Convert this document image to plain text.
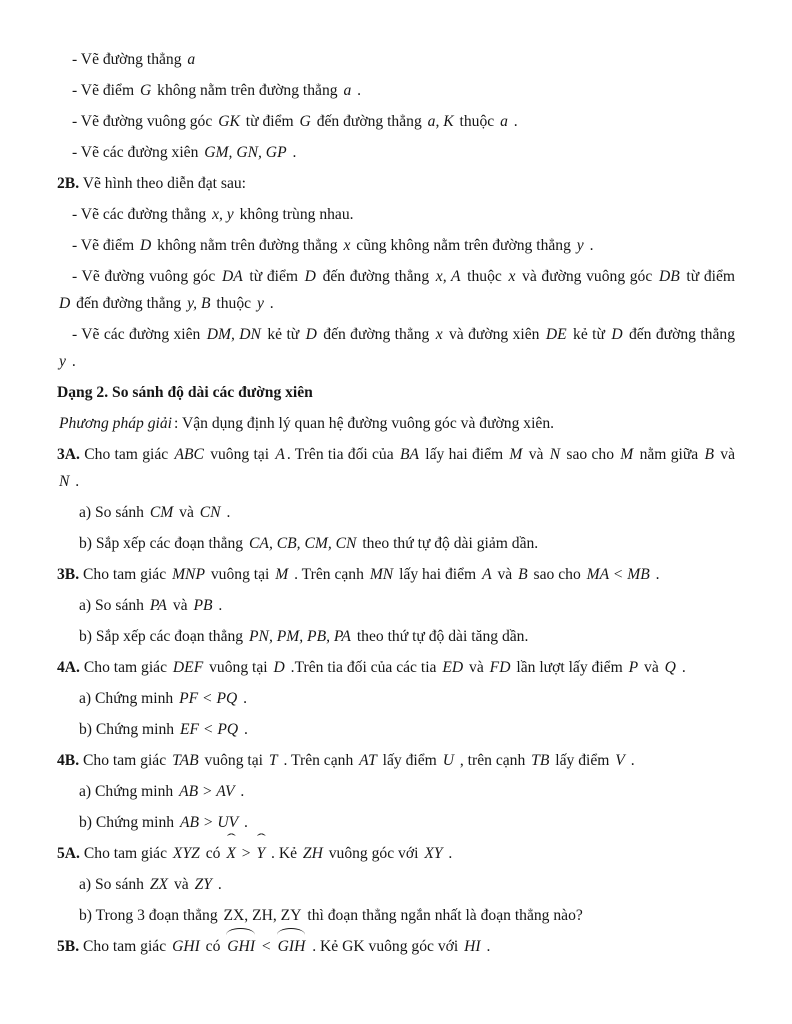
- Vẽ đường thẳng a

- Vẽ điểm G không nằm trên đường thẳng a .

- Vẽ đường vuông góc GK từ điểm G đến đường thẳng a, K thuộc a .

- Vẽ các đường xiên GM, GN, GP .

2B. Vẽ hình theo diễn đạt sau:

- Vẽ các đường thẳng x, y không trùng nhau.

- Vẽ điểm D không nằm trên đường thẳng x cũng không nằm trên đường thẳng y .

- Vẽ đường vuông góc DA từ điểm D đến đường thẳng x, A thuộc x và đường vuông góc DB từ điểm D đến đường thẳng y, B thuộc y .

- Vẽ các đường xiên DM, DN kẻ từ D đến đường thẳng x và đường xiên DE kẻ từ D đến đường thẳng y .

Dạng 2. So sánh độ dài các đường xiên

Phương pháp giải : Vận dụng định lý quan hệ đường vuông góc và đường xiên.

3A. Cho tam giác ABC vuông tại A . Trên tia đối của BA lấy hai điểm M và N sao cho M nằm giữa B và N .

a) So sánh CM và CN .

b) Sắp xếp các đoạn thẳng CA, CB, CM, CN theo thứ tự độ dài giảm dần.

3B. Cho tam giác MNP vuông tại M . Trên cạnh MN lấy hai điểm A và B sao cho MA < MB .

a) So sánh PA và PB .

b) Sắp xếp các đoạn thẳng PN, PM, PB, PA theo thứ tự độ dài tăng dần.

4A. Cho tam giác DEF vuông tại D .Trên tia đối của các tia ED và FD lần lượt lấy điểm P và Q .

a) Chứng minh PF < PQ .

b) Chứng minh EF < PQ .

4B. Cho tam giác TAB vuông tại T . Trên cạnh AT lấy điểm U , trên cạnh TB lấy điểm V .

a) Chứng minh AB > AV .

b) Chứng minh AB > UV .

5A. Cho tam giác XYZ có ˆ X > ˆ Y . Kẻ ZH vuông góc với XY .

a) So sánh ZX và ZY .

b) Trong 3 đoạn thẳng ZX, ZH, ZY thì đoạn thẳng ngắn nhất là đoạn thẳng nào?

5B. Cho tam giác GHI có GHI < GIH . Kẻ GK vuông góc với HI .
